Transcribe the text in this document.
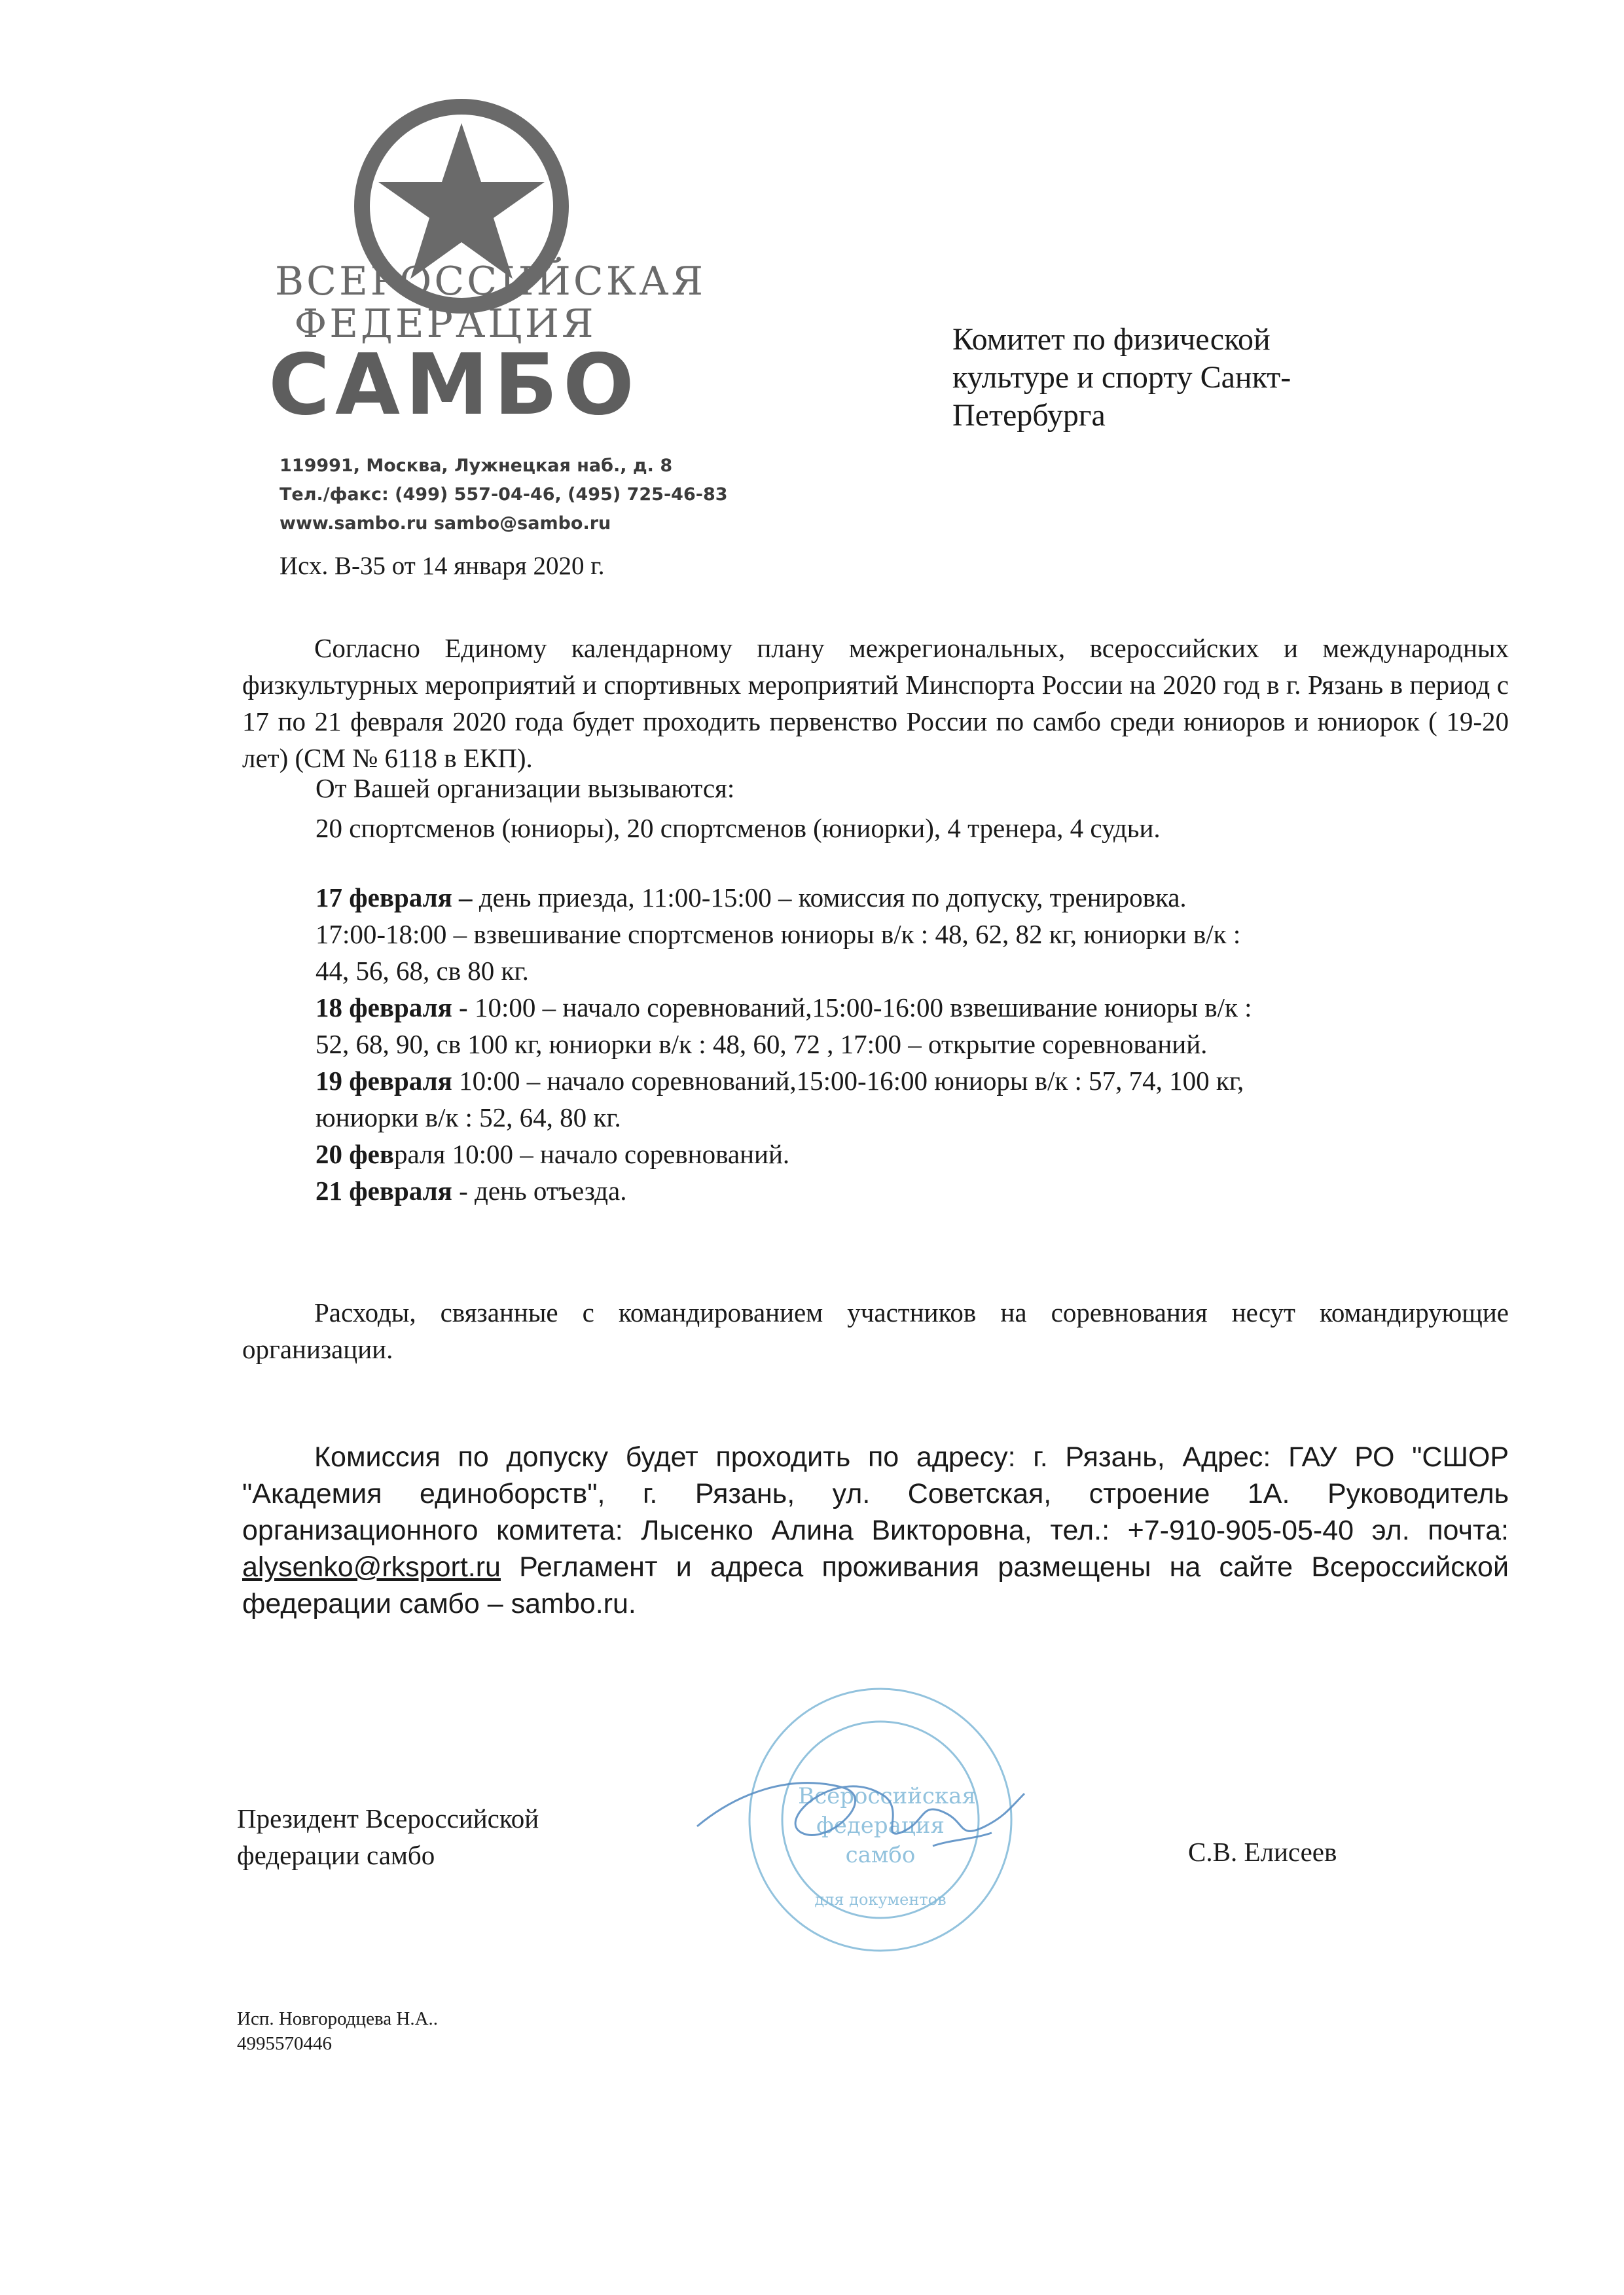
ВСЕРОССИЙСКАЯ
ФЕДЕРАЦИЯ
САМБО
119991, Москва, Лужнецкая наб., д. 8
Тел./факс: (499) 557-04-46, (495) 725-46-83
www.sambo.ru sambo@sambo.ru
Комитет по физической
культуре и спорту Санкт-
Петербурга
Исх. В-35 от 14 января 2020 г.
Согласно Единому календарному плану межрегиональных, всероссийских и международных физкультурных мероприятий и спортивных мероприятий Минспорта России на 2020 год в г. Рязань в период с 17 по 21 февраля 2020 года будет проходить первенство России по самбо среди юниоров и юниорок ( 19-20 лет) (СМ № 6118 в ЕКП).
От Вашей организации вызываются:
20 спортсменов (юниоры), 20 спортсменов (юниорки), 4 тренера, 4 судьи.
17 февраля – день приезда, 11:00-15:00 – комиссия по допуску, тренировка.
17:00-18:00 – взвешивание спортсменов юниоры в/к : 48, 62, 82 кг, юниорки в/к :
44, 56, 68, св 80 кг.
18 февраля - 10:00 – начало соревнований,15:00-16:00 взвешивание юниоры в/к :
52, 68, 90, св 100 кг, юниорки в/к : 48, 60, 72 , 17:00 – открытие соревнований.
19 февраля 10:00 – начало соревнований,15:00-16:00 юниоры в/к : 57, 74, 100 кг,
юниорки в/к : 52, 64, 80 кг.
20 февраля 10:00 – начало соревнований.
21 февраля - день отъезда.
Расходы, связанные с командированием участников на соревнования несут командирующие организации.
Комиссия по допуску будет проходить по адресу: г. Рязань, Адрес: ГАУ РО "СШОР "Академия единоборств", г. Рязань, ул. Советская, строение 1А. Руководитель организационного комитета: Лысенко Алина Викторовна, тел.: +7-910-905-05-40 эл. почта: alysenko@rksport.ru Регламент и адреса проживания размещены на сайте Всероссийской федерации самбо – sambo.ru.
Президент Всероссийской
федерации самбо
Всероссийская
федерация
самбо
для документов
С.В. Елисеев
Исп. Новгородцева Н.А..
4995570446
